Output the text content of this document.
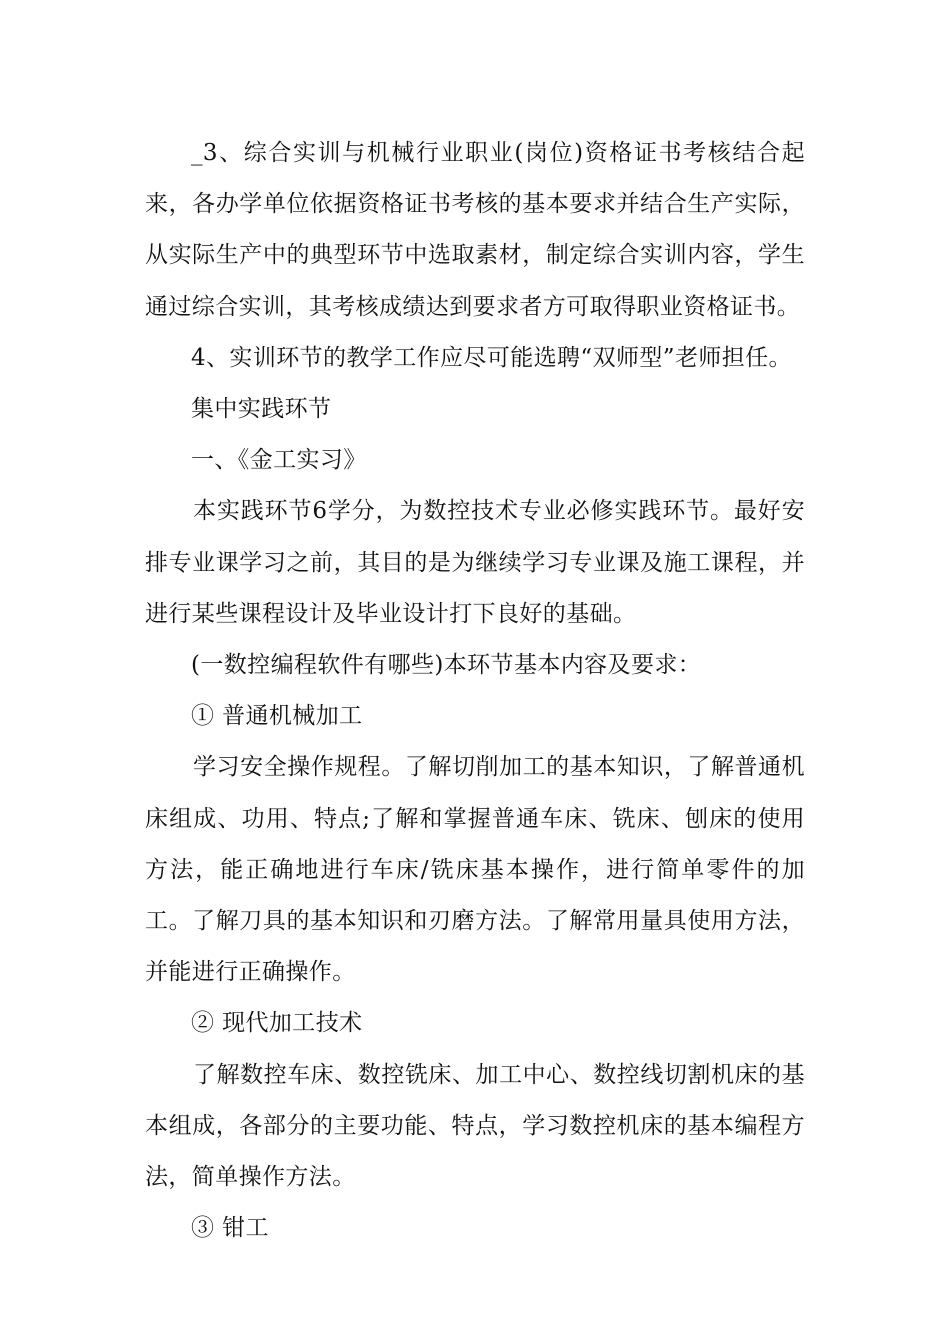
_3、综合实训与机械行业职业(岗位)资格证书考核结合起来，各办学单位依据资格证书考核的基本要求并结合生产实际，从实际生产中的典型环节中选取素材，制定综合实训内容，学生通过综合实训，其考核成绩达到要求者方可取得职业资格证书。

4、实训环节的教学工作应尽可能选聘“双师型”老师担任。

集中实践环节

一、《金工实习》

本实践环节6学分，为数控技术专业必修实践环节。最好安排专业课学习之前，其目的是为继续学习专业课及施工课程，并进行某些课程设计及毕业设计打下良好的基础。

(一数控编程软件有哪些)本环节基本内容及要求：

① 普通机械加工

学习安全操作规程。了解切削加工的基本知识，了解普通机床组成、功用、特点;了解和掌握普通车床、铣床、刨床的使用方法，能正确地进行车床/铣床基本操作，进行简单零件的加工。了解刀具的基本知识和刃磨方法。了解常用量具使用方法，并能进行正确操作。

② 现代加工技术

了解数控车床、数控铣床、加工中心、数控线切割机床的基本组成，各部分的主要功能、特点，学习数控机床的基本编程方法，简单操作方法。

③ 钳工
